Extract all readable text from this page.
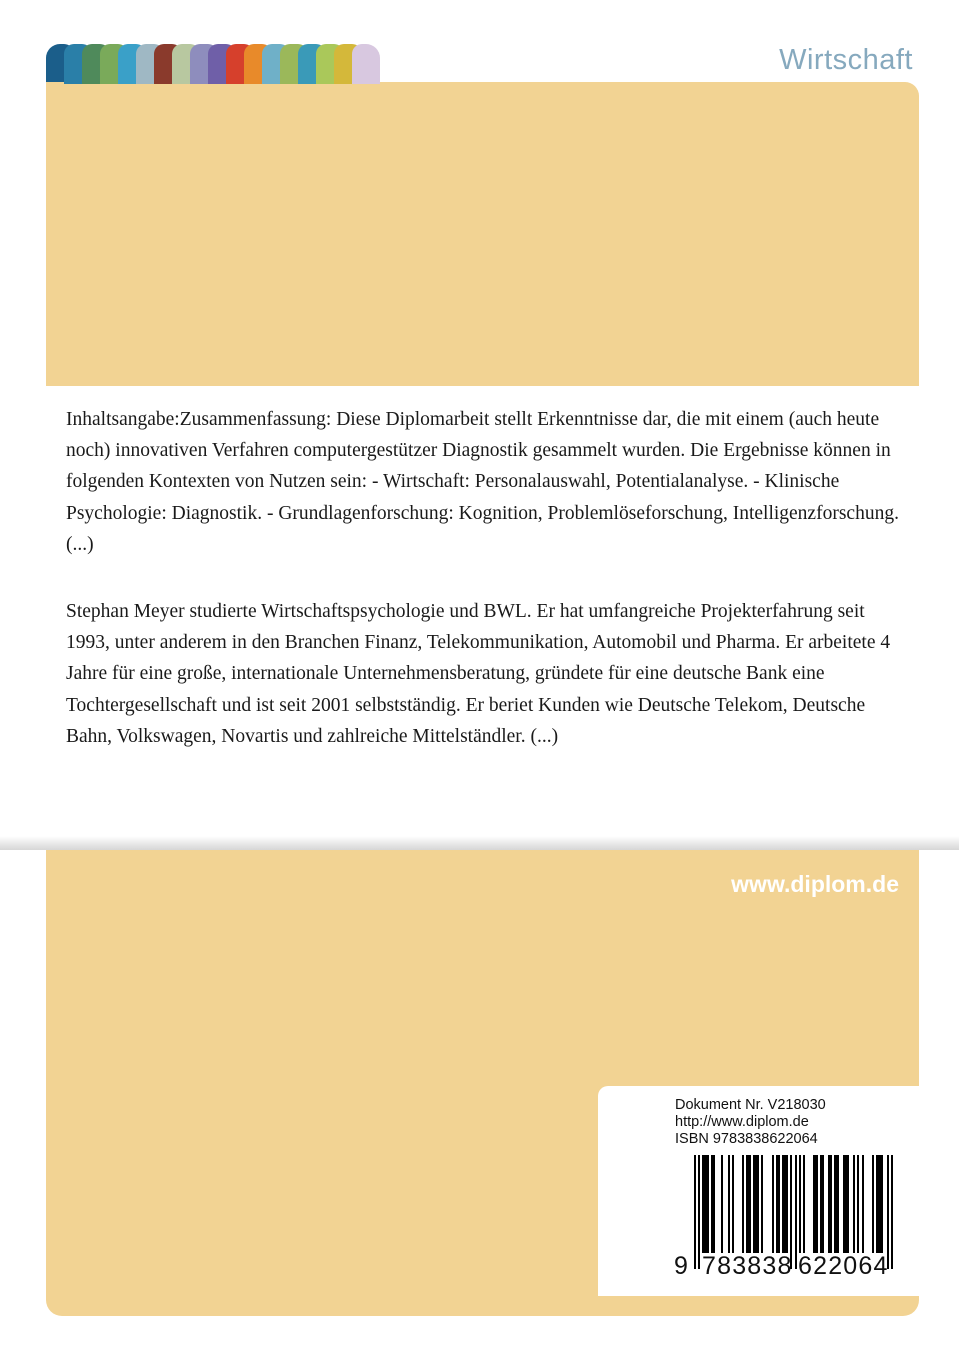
Wirtschaft

Inhaltsangabe:Zusammenfassung: Diese Diplomarbeit stellt Erkenntnisse dar, die mit einem (auch heute noch) innovativen Verfahren computergestützer Diagnostik gesammelt wurden. Die Ergebnisse können in folgenden Kontexten von Nutzen sein: - Wirtschaft: Personalauswahl, Potentialanalyse. - Klinische Psychologie: Diagnostik. - Grundlagenforschung: Kognition, Problemlöseforschung, Intelligenzforschung. (...)

Stephan Meyer studierte Wirtschaftspsychologie und BWL. Er hat umfangreiche Projekterfahrung seit 1993, unter anderem in den Branchen Finanz, Telekommunikation, Automobil und Pharma. Er arbeitete 4 Jahre für eine große, internationale Unternehmensberatung, gründete für eine deutsche Bank eine Tochtergesellschaft und ist seit 2001 selbstständig. Er beriet Kunden wie Deutsche Telekom, Deutsche Bahn, Volkswagen, Novartis und zahlreiche Mittelständler. (...)

www.diplom.de
Dokument Nr. V218030
http://www.diplom.de
ISBN 9783838622064
9 783838 622064
